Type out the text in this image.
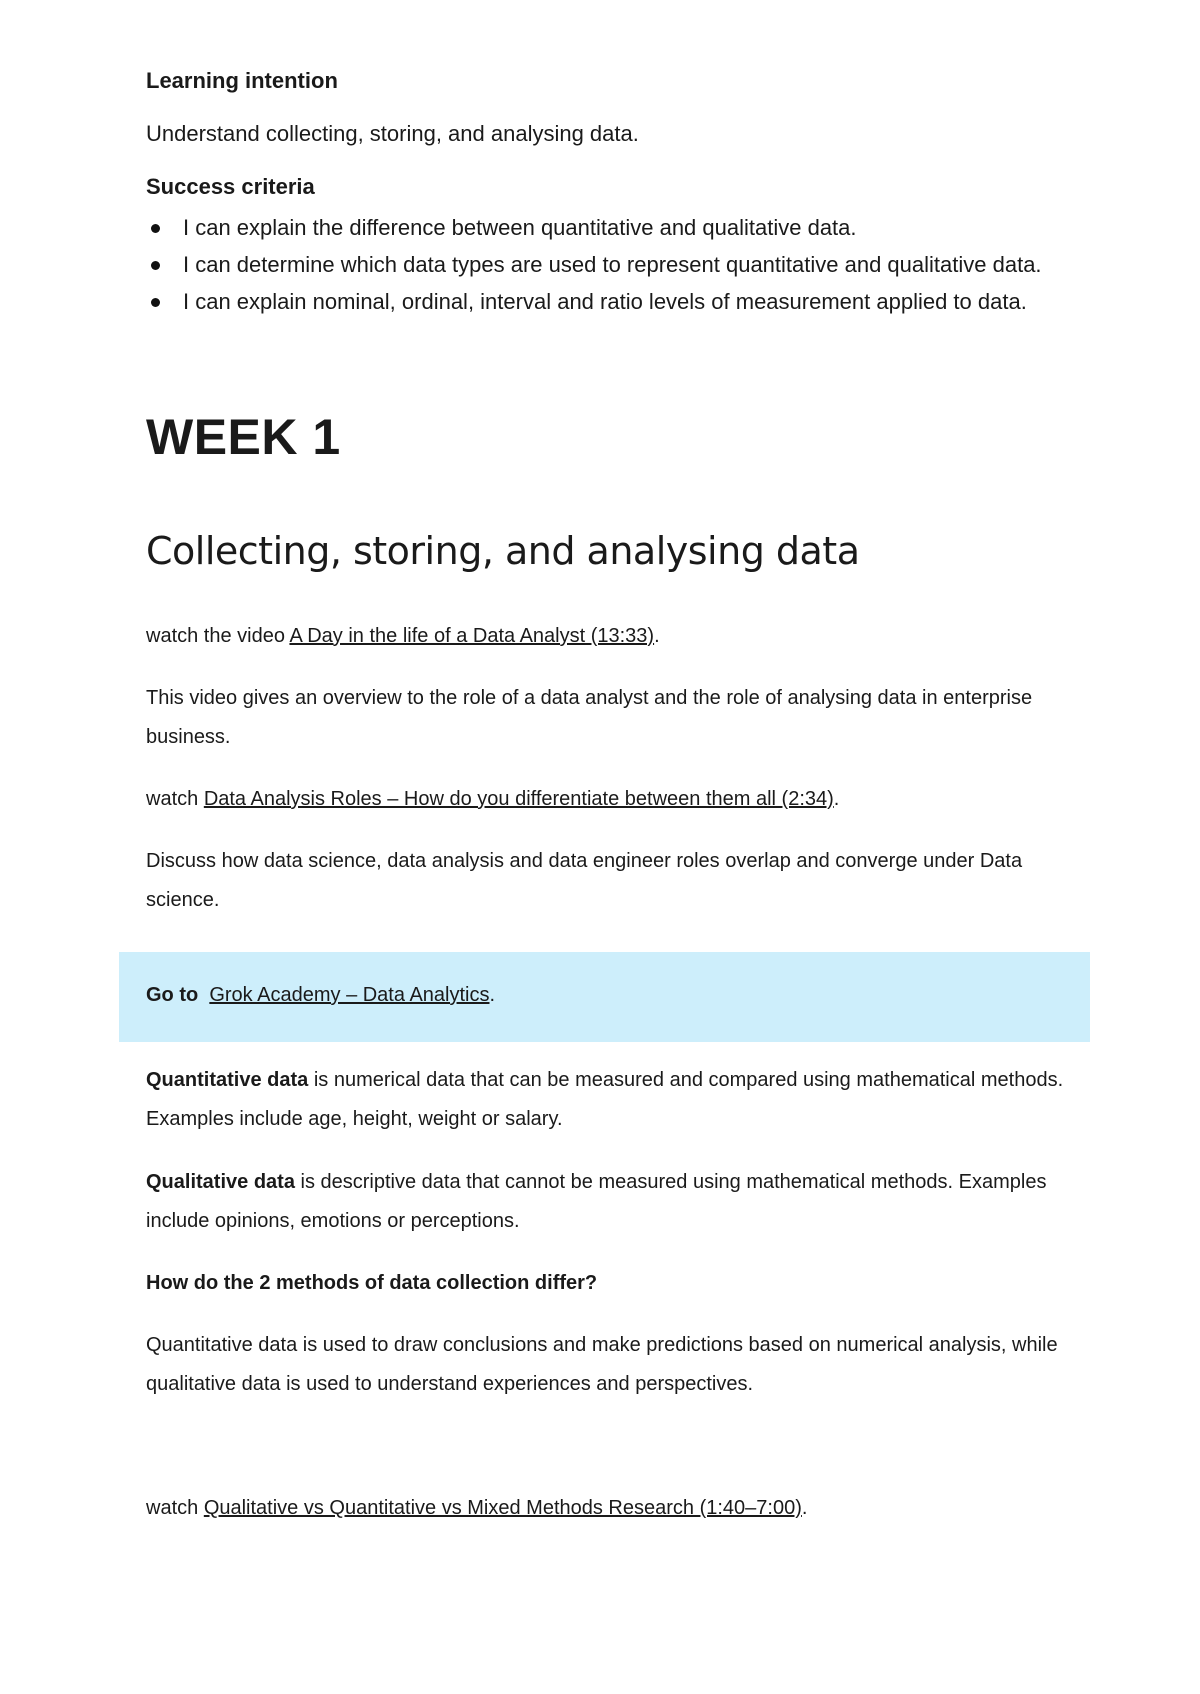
Learning intention

Understand collecting, storing, and analysing data.

Success criteria

I can explain the difference between quantitative and qualitative data.
I can determine which data types are used to represent quantitative and qualitative data.
I can explain nominal, ordinal, interval and ratio levels of measurement applied to data.

WEEK 1

Collecting, storing, and analysing data

watch the video A Day in the life of a Data Analyst (13:33).

This video gives an overview to the role of a data analyst and the role of analysing data in enterprise business.

watch Data Analysis Roles – How do you differentiate between them all (2:34).

Discuss how data science, data analysis and data engineer roles overlap and converge under Data science.

Go to Grok Academy – Data Analytics.

Quantitative data is numerical data that can be measured and compared using mathematical methods. Examples include age, height, weight or salary.

Qualitative data is descriptive data that cannot be measured using mathematical methods. Examples include opinions, emotions or perceptions.

How do the 2 methods of data collection differ?

Quantitative data is used to draw conclusions and make predictions based on numerical analysis, while qualitative data is used to understand experiences and perspectives.

watch Qualitative vs Quantitative vs Mixed Methods Research (1:40–7:00).
